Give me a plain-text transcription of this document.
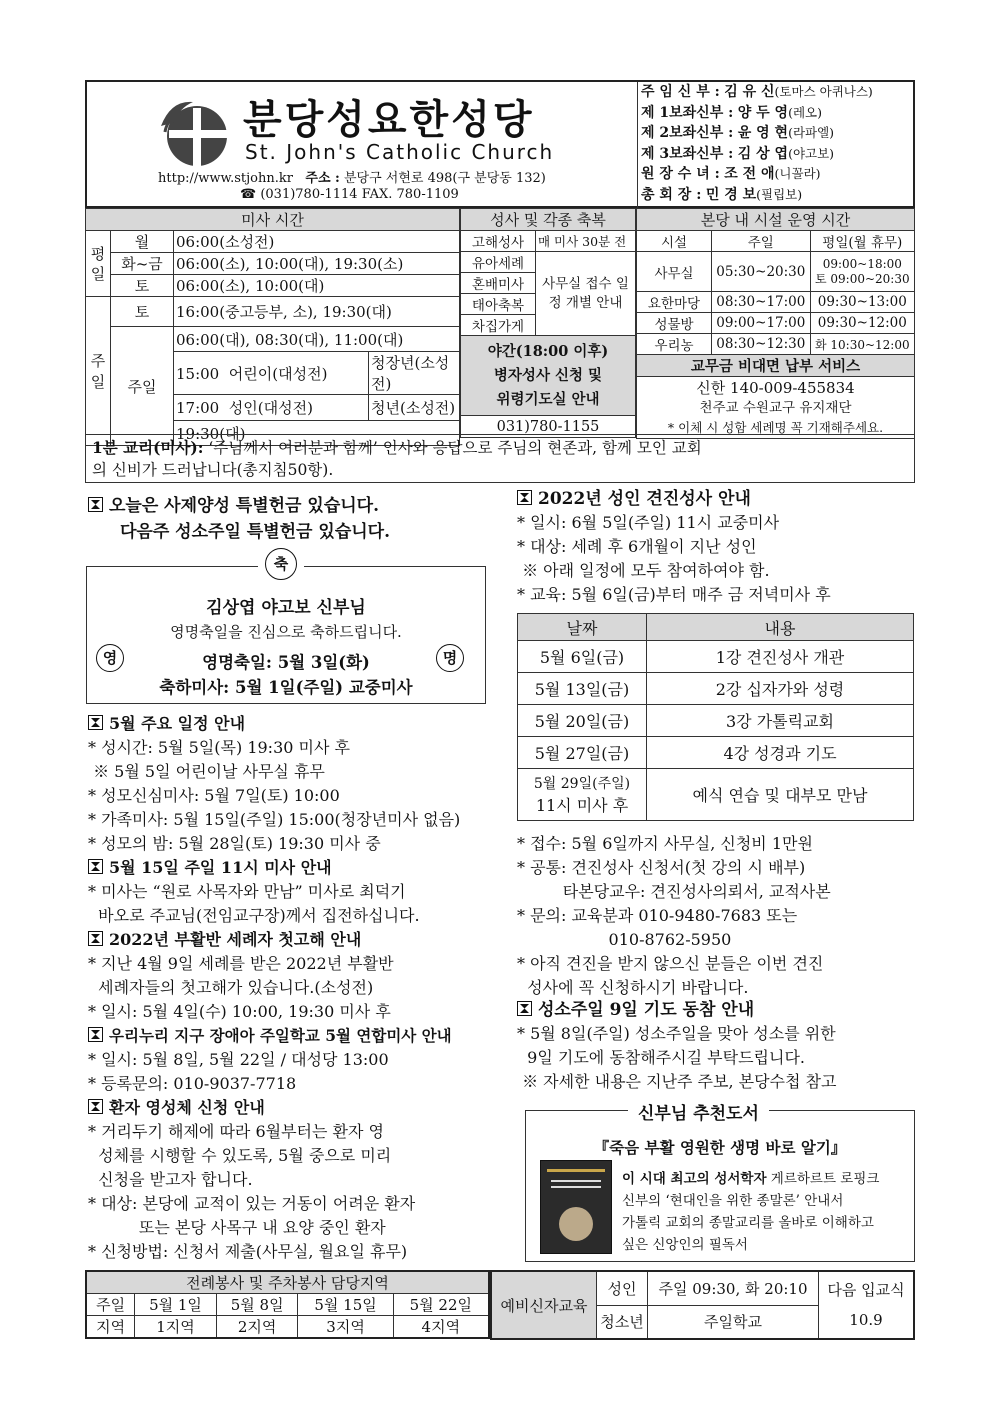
분당성요한성당
St. John's Catholic Church
http://www.stjohn.kr 주소 : 분당구 서현로 498(구 분당동 132)
☎ (031)780-1114 FAX. 780-1109
주 임 신 부 : 김 유 신(토마스 아퀴나스)
제 1보좌신부 : 양 두 영(레오)
제 2보좌신부 : 윤 영 현(라파엘)
제 3보좌신부 : 김 상 엽(야고보)
원 장 수 녀 : 조 전 애(니꼴라)
총 회 장 : 민 경 보(필립보)
미사 시간			
평일	월	06:00(소성전)	
	화~금	06:00(소), 10:00(대), 19:30(소)	
	토	06:00(소), 10:00(대)	
주일	토	16:00(중고등부, 소), 19:30(대)	
	주일	06:00(대), 08:30(대), 11:00(대)	
		15:00 어린이(대성전)	청장년(소성전)
		17:00 성인(대성전)	청년(소성전)
		19:30(대)	
성사 및 각종 축복	
고해성사	매 미사 30분 전
유아세례	사무실 접수 일정 개별 안내
혼배미사	
태아축복	
차집가게	

야간(18:00 이후)
병자성사 신청 및
위령기도실 안내	

031)780-1155	
본당 내 시설 운영 시간		
시설	주일	평일(월 휴무)
사무실	05:30~20:30	09:00~18:00
토 09:00~20:30

요한마당	08:30~17:00	09:30~13:00
성물방	09:00~17:00	09:30~12:00
우리농	08:30~12:30	화 10:30~12:00
교무금 비대면 납부 서비스		

신한 140-009-455834
천주교 수원교구 유지재단
* 이체 시 성함 세례명 꼭 기재해주세요.		
1분 교리(미사): ‘주님께서 여러분과 함께’ 인사와 응답으로 주님의 현존과, 함께 모인 교회
의 신비가 드러납니다(총지침50항).
오늘은 사제양성 특별헌금 있습니다.
다음주 성소주일 특별헌금 있습니다.
축
김상엽 야고보 신부님
영명축일을 진심으로 축하드립니다.
영명축일: 5월 3일(화)
축하미사: 5월 1일(주일) 교중미사
영	명
5월 주요 일정 안내
* 성시간: 5월 5일(목) 19:30 미사 후
※ 5월 5일 어린이날 사무실 휴무
* 성모신심미사: 5월 7일(토) 10:00
* 가족미사: 5월 15일(주일) 15:00(청장년미사 없음)
* 성모의 밤: 5월 28일(토) 19:30 미사 중
5월 15일 주일 11시 미사 안내
* 미사는 “원로 사목자와 만남” 미사로 최덕기
바오로 주교님(전임교구장)께서 집전하십니다.
2022년 부활반 세례자 첫고해 안내
* 지난 4월 9일 세례를 받은 2022년 부활반
세례자들의 첫고해가 있습니다.(소성전)
* 일시: 5월 4일(수) 10:00, 19:30 미사 후
우리누리 지구 장애아 주일학교 5월 연합미사 안내
* 일시: 5월 8일, 5월 22일 / 대성당 13:00
* 등록문의: 010-9037-7718
환자 영성체 신청 안내
* 거리두기 해제에 따라 6월부터는 환자 영
성체를 시행할 수 있도록, 5월 중으로 미리
신청을 받고자 합니다.
* 대상: 본당에 교적이 있는 거동이 어려운 환자
또는 본당 사목구 내 요양 중인 환자
* 신청방법: 신청서 제출(사무실, 월요일 휴무)
2022년 성인 견진성사 안내
* 일시: 6월 5일(주일) 11시 교중미사
* 대상: 세례 후 6개월이 지난 성인
※ 아래 일정에 모두 참여하여야 함.
* 교육: 5월 6일(금)부터 매주 금 저녁미사 후
날짜	내용
5월 6일(금)	1강 견진성사 개관
5월 13일(금)	2강 십자가와 성령
5월 20일(금)	3강 가톨릭교회
5월 27일(금)	4강 성경과 기도

5월 29일(주일)
11시 미사 후	예식 연습 및 대부모 만남
* 접수: 5월 6일까지 사무실, 신청비 1만원
* 공통: 견진성사 신청서(첫 강의 시 배부)
타본당교우: 견진성사의뢰서, 교적사본
* 문의: 교육분과 010-9480-7683 또는
010-8762-5950
* 아직 견진을 받지 않으신 분들은 이번 견진
성사에 꼭 신청하시기 바랍니다.
성소주일 9일 기도 동참 안내
* 5월 8일(주일) 성소주일을 맞아 성소를 위한
9일 기도에 동참해주시길 부탁드립니다.
※ 자세한 내용은 지난주 주보, 본당수첩 참고
신부님 추천도서
『죽음 부활 영원한 생명 바로 알기』
이 시대 최고의 성서학자 게르하르트 로핑크
신부의 ‘현대인을 위한 종말론’ 안내서
가톨릭 교회의 종말교리를 올바로 이해하고
싶은 신앙인의 필독서
전례봉사 및 주차봉사 담당지역				
주일	5월 1일	5월 8일	5월 15일	5월 22일
지역	1지역	2지역	3지역	4지역
예비신자교육	성인	주일 09:30, 화 20:10	다음 입교식
10.9

	청소년	주일학교	
